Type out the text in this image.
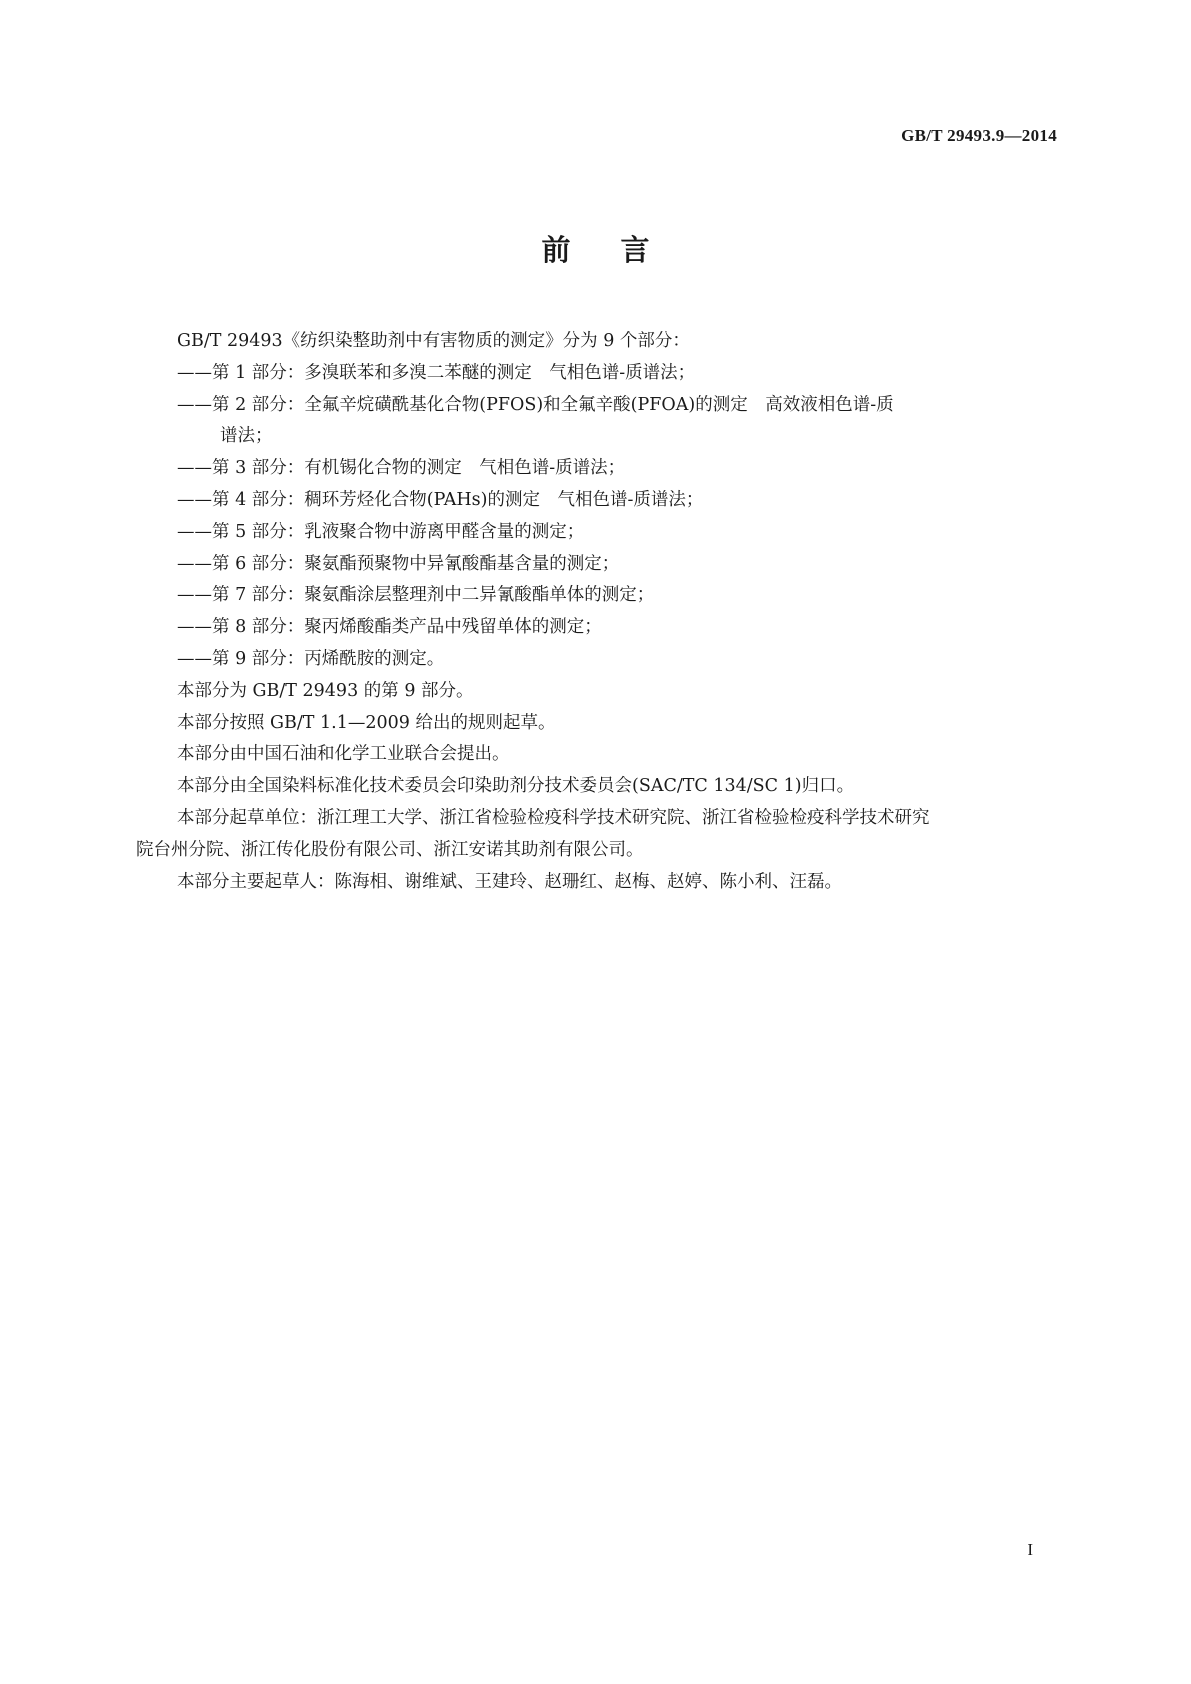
GB/T 29493.9—2014
前言
GB/T 29493《纺织染整助剂中有害物质的测定》分为 9 个部分：
——第 1 部分：多溴联苯和多溴二苯醚的测定　气相色谱-质谱法；
——第 2 部分：全氟辛烷磺酰基化合物(PFOS)和全氟辛酸(PFOA)的测定　高效液相色谱-质
谱法；
——第 3 部分：有机锡化合物的测定　气相色谱-质谱法；
——第 4 部分：稠环芳烃化合物(PAHs)的测定　气相色谱-质谱法；
——第 5 部分：乳液聚合物中游离甲醛含量的测定；
——第 6 部分：聚氨酯预聚物中异氰酸酯基含量的测定；
——第 7 部分：聚氨酯涂层整理剂中二异氰酸酯单体的测定；
——第 8 部分：聚丙烯酸酯类产品中残留单体的测定；
——第 9 部分：丙烯酰胺的测定。
本部分为 GB/T 29493 的第 9 部分。
本部分按照 GB/T 1.1—2009 给出的规则起草。
本部分由中国石油和化学工业联合会提出。
本部分由全国染料标准化技术委员会印染助剂分技术委员会(SAC/TC 134/SC 1)归口。
本部分起草单位：浙江理工大学、浙江省检验检疫科学技术研究院、浙江省检验检疫科学技术研究
院台州分院、浙江传化股份有限公司、浙江安诺其助剂有限公司。
本部分主要起草人：陈海相、谢维斌、王建玲、赵珊红、赵梅、赵婷、陈小利、汪磊。
I
